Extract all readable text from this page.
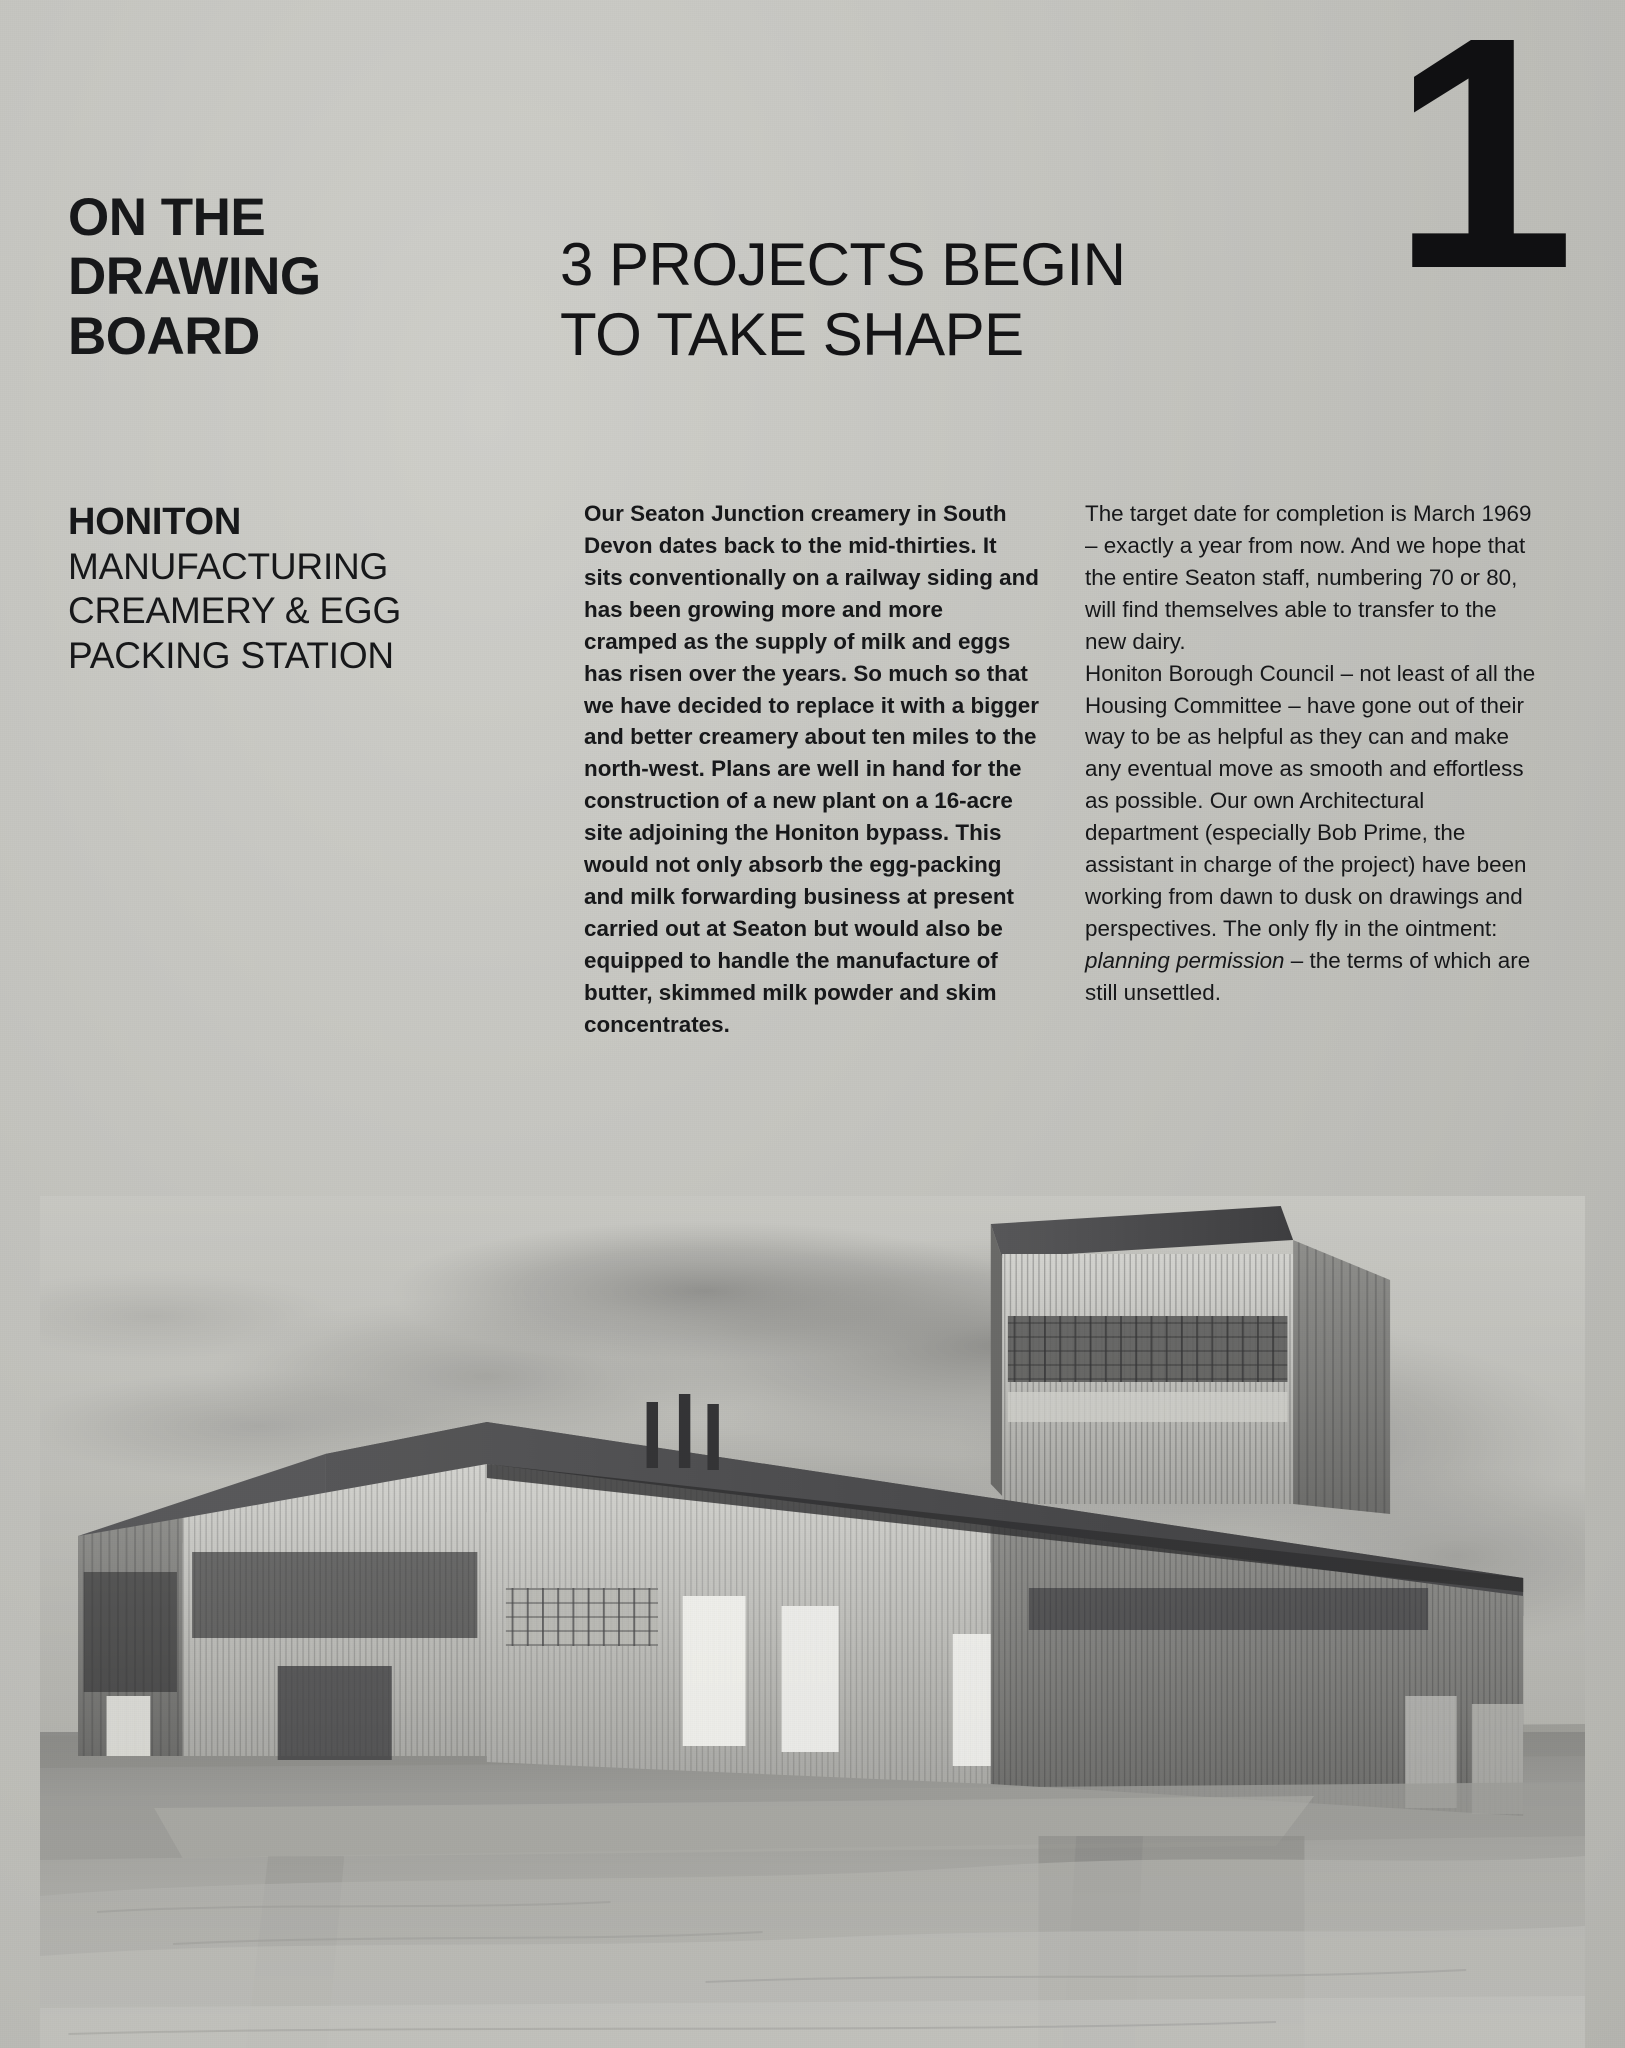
1
ON THE DRAWING BOARD
3 PROJECTS BEGIN TO TAKE SHAPE
HONITON
MANUFACTURING CREAMERY & EGG PACKING STATION

Our Seaton Junction creamery in South Devon dates back to the mid-thirties. It sits conventionally on a railway siding and has been growing more and more cramped as the supply of milk and eggs has risen over the years. So much so that we have decided to replace it with a bigger and better creamery about ten miles to the north-west. Plans are well in hand for the construction of a new plant on a 16-acre site adjoining the Honiton bypass. This would not only absorb the egg-packing and milk forwarding business at present carried out at Seaton but would also be equipped to handle the manufacture of butter, skimmed milk powder and skim concentrates.

The target date for completion is March 1969 – exactly a year from now. And we hope that the entire Seaton staff, numbering 70 or 80, will find themselves able to transfer to the new dairy.

Honiton Borough Council – not least of all the Housing Committee – have gone out of their way to be as helpful as they can and make any eventual move as smooth and effortless as possible. Our own Architectural department (especially Bob Prime, the assistant in charge of the project) have been working from dawn to dusk on drawings and perspectives. The only fly in the ointment: planning permission – the terms of which are still unsettled.
